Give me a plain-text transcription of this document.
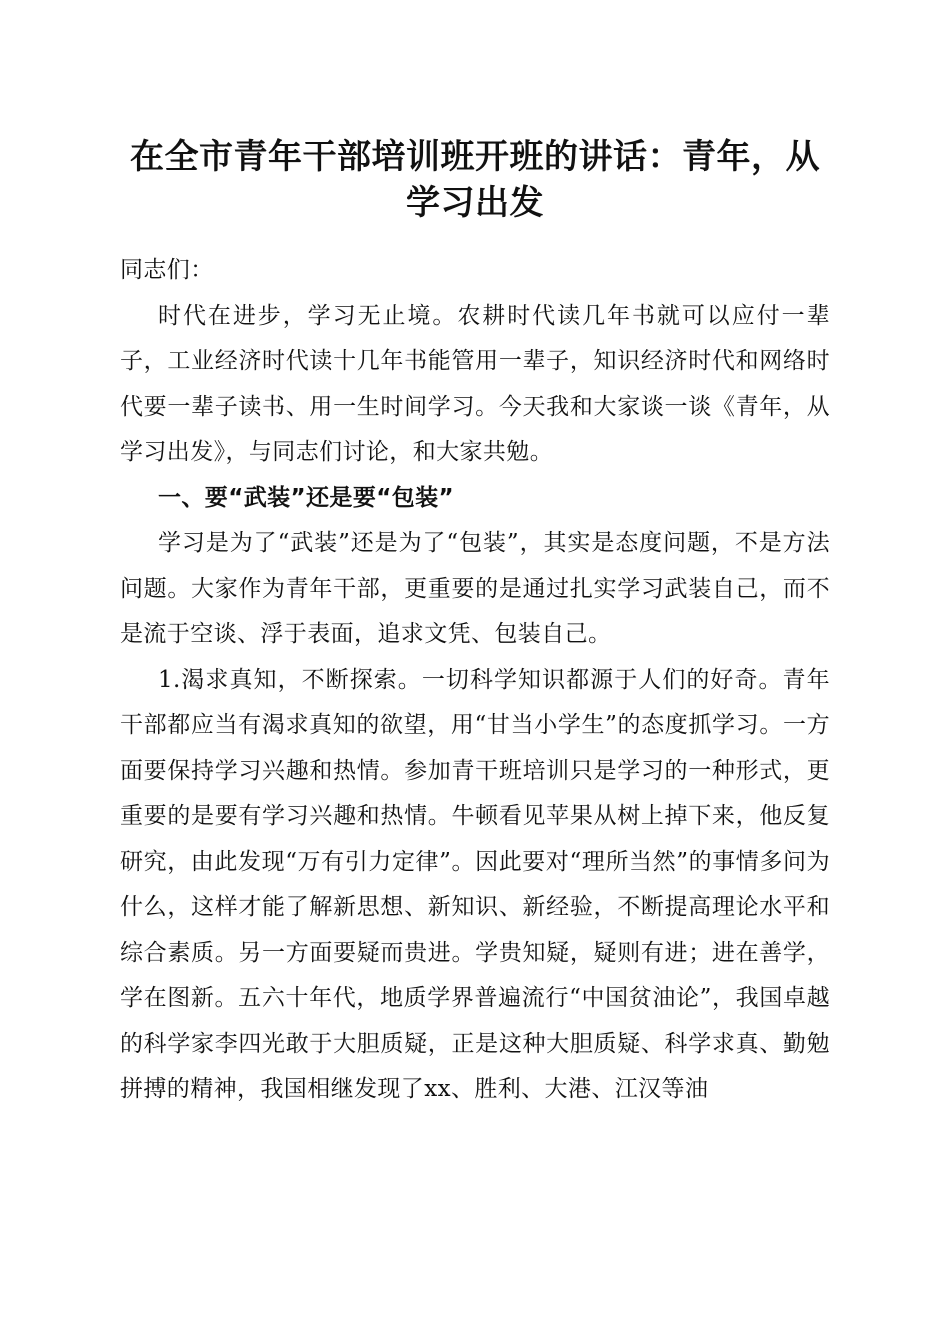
在全市青年干部培训班开班的讲话：青年，从
学习出发

同志们：

时代在进步，学习无止境。农耕时代读几年书就可以应付一辈子，工业经济时代读十几年书能管用一辈子，知识经济时代和网络时代要一辈子读书、用一生时间学习。今天我和大家谈一谈《青年，从学习出发》，与同志们讨论，和大家共勉。

一、要“武装”还是要“包装”

学习是为了“武装”还是为了“包装”，其实是态度问题，不是方法问题。大家作为青年干部，更重要的是通过扎实学习武装自己，而不是流于空谈、浮于表面，追求文凭、包装自己。

1.渴求真知，不断探索。一切科学知识都源于人们的好奇。青年干部都应当有渴求真知的欲望，用“甘当小学生”的态度抓学习。一方面要保持学习兴趣和热情。参加青干班培训只是学习的一种形式，更重要的是要有学习兴趣和热情。牛顿看见苹果从树上掉下来，他反复研究，由此发现“万有引力定律”。因此要对“理所当然”的事情多问为什么，这样才能了解新思想、新知识、新经验，不断提高理论水平和综合素质。另一方面要疑而贵进。学贵知疑，疑则有进；进在善学，学在图新。五六十年代，地质学界普遍流行“中国贫油论”，我国卓越的科学家李四光敢于大胆质疑，正是这种大胆质疑、科学求真、勤勉拼搏的精神，我国相继发现了xx、胜利、大港、江汉等油
